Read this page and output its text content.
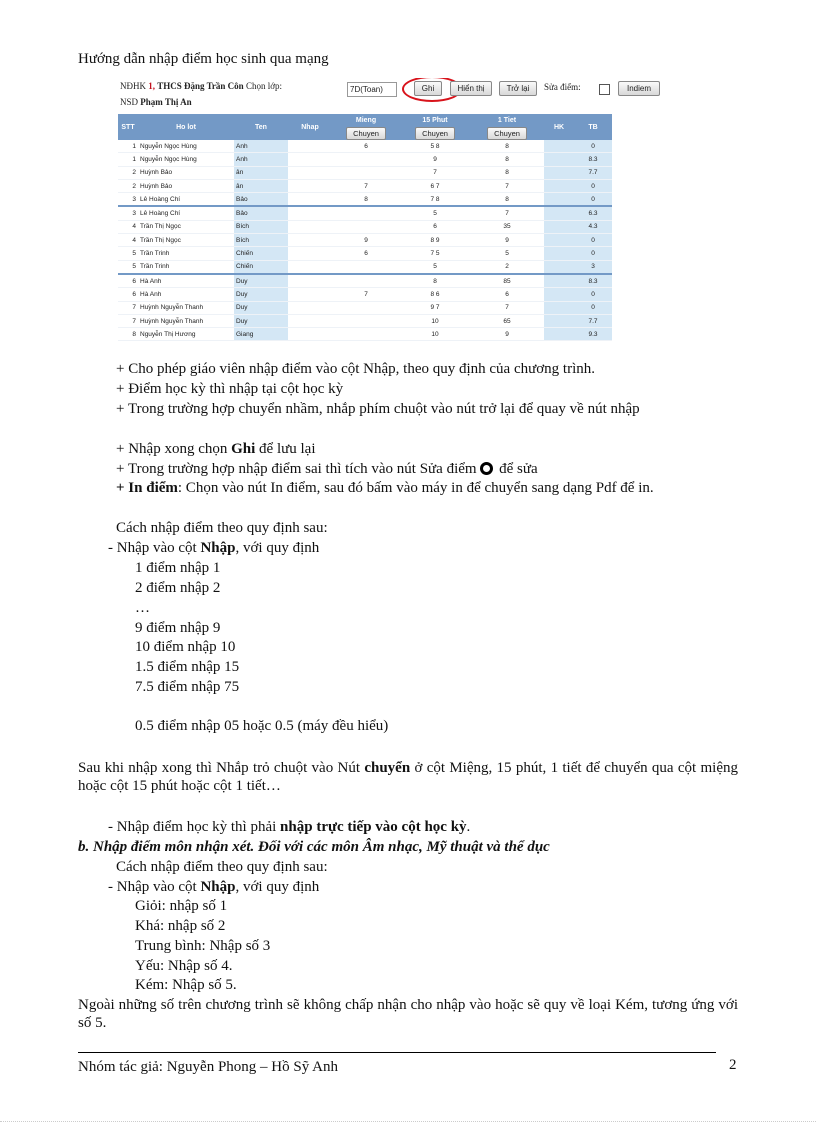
Hướng dẫn nhập điểm học sinh qua mạng
NĐHK 1, THCS Đặng Trần Côn Chọn lớp:	7D(Toan)	Ghi	Hiển thị	Trở lại	Sửa điểm:	Indiem
NSD Phạm Thị An
STT	Ho lot	Ten	Nhap	Mieng	15 Phut	1 Tiet	HK	TB
				Chuyen	Chuyen	Chuyen		
1	Nguyễn Ngọc Hùng	Anh		6	5 8	8		0
1	Nguyễn Ngọc Hùng	Anh			9	8		8.3
2	Huỳnh Bảo	ân			7	8		7.7
2	Huỳnh Bảo	ân		7	6 7	7		0
3	Lê Hoàng Chí	Bảo		8	7 8	8		0
3	Lê Hoàng Chí	Bảo			5	7		6.3
4	Trần Thị Ngọc	Bích			6	35		4.3
4	Trần Thị Ngọc	Bích		9	8 9	9		0
5	Trần Trinh	Chiến		6	7 5	5		0
5	Trần Trinh	Chiến			5	2		3
6	Hà Anh	Duy			8	85		8.3
6	Hà Anh	Duy		7	8 6	6		0
7	Huỳnh Nguyễn Thanh	Duy			9 7	7		0
7	Huỳnh Nguyễn Thanh	Duy			10	65		7.7
8	Nguyễn Thị Hương	Giang			10	9		9.3
+ Cho phép giáo viên nhập điểm vào cột Nhập, theo quy định của chương trình.
+ Điểm học kỳ thì nhập tại cột học kỳ
+ Trong trường hợp chuyển nhầm, nhắp phím chuột vào nút trở lại để quay về nút nhập
+ Nhập xong chọn Ghi để lưu lại
+ Trong trường hợp nhập điểm sai thì tích vào nút Sửa điểm  để sửa
+ In điểm: Chọn vào nút In điểm, sau đó bấm vào máy in để chuyển sang dạng Pdf để in.
Cách nhập điểm theo quy định sau:
- Nhập vào cột Nhập, với quy định
1 điểm nhập 1
2 điểm nhập 2
…
9 điểm nhập 9
10 điểm nhập 10
1.5 điểm nhập 15
7.5 điểm nhập 75
0.5 điểm nhập 05 hoặc 0.5 (máy đều hiểu)
Sau khi nhập xong thì Nhắp trỏ chuột vào Nút chuyển ở cột Miệng, 15 phút, 1 tiết để chuyển qua cột miệng hoặc cột 15 phút hoặc cột 1 tiết…
- Nhập điểm học kỳ thì phải nhập trực tiếp vào cột học kỳ.
b. Nhập điểm môn nhận xét. Đối với các môn Âm nhạc, Mỹ thuật và thể dục
Cách nhập điểm theo quy định sau:
- Nhập vào cột Nhập, với quy định
Giỏi: nhập số 1
Khá: nhập số 2
Trung bình: Nhập số 3
Yếu: Nhập số 4.
Kém: Nhập số 5.
Ngoài những số trên chương trình sẽ không chấp nhận cho nhập vào hoặc sẽ quy về loại Kém, tương ứng với số 5.
Nhóm tác giả: Nguyễn Phong – Hồ Sỹ Anh	2
